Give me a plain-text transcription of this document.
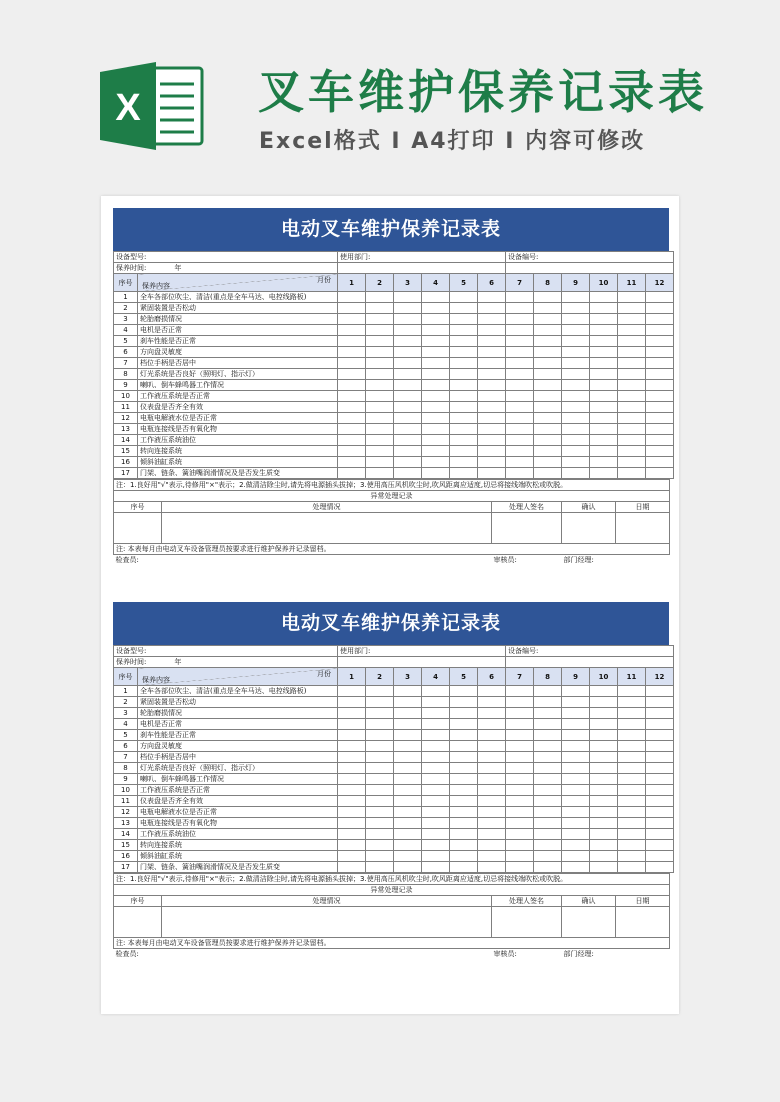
X	叉车维护保养记录表
Excel格式 I A4打印 I 内容可修改
电动叉车维护保养记录表
设备型号:		使用部门:						设备编号:					
保养时间: 年													
序号	月份
保养内容	1	2	3	4	5	6	7	8	9	10	11	12
1	全车各部位吹尘、清洁(重点是全车马达、电控线路板)												
2	紧固装置是否松动												
3	轮胎磨损情况												
4	电机是否正常												
5	刹车性能是否正常												
6	方向盘灵敏度												
7	档位手柄是否居中												
8	灯光系统是否良好（照明灯、指示灯）												
9	喇叭、倒车蜂鸣器工作情况												
10	工作液压系统是否正常												
11	仪表盘是否齐全有效												
12	电瓶电解液水位是否正常												
13	电瓶连接线是否有氧化物												
14	工作液压系统油位												
15	转向连接系统												
16	倾斜油缸系统												
17	门架、链条、簧油嘴润滑情况及是否发生质变												
注：1.良好用"√"表示,待修用"×"表示；2.做清洁除尘时,请先将电源插头拔掉；3.使用高压风机吹尘时,吹风距离应适度,切忌将接线端吹松或吹脱。				
异常处理记录				
序号	处理情况	处理人签名	确认	日期

注: 本表每月由电动叉车设备管理员按要求进行维护保养并记录留档。				
检查员:		审核员:	部门经理:	
电动叉车维护保养记录表
设备型号:		使用部门:						设备编号:					
保养时间: 年													
序号	月份
保养内容	1	2	3	4	5	6	7	8	9	10	11	12
1	全车各部位吹尘、清洁(重点是全车马达、电控线路板)												
2	紧固装置是否松动												
3	轮胎磨损情况												
4	电机是否正常												
5	刹车性能是否正常												
6	方向盘灵敏度												
7	档位手柄是否居中												
8	灯光系统是否良好（照明灯、指示灯）												
9	喇叭、倒车蜂鸣器工作情况												
10	工作液压系统是否正常												
11	仪表盘是否齐全有效												
12	电瓶电解液水位是否正常												
13	电瓶连接线是否有氧化物												
14	工作液压系统油位												
15	转向连接系统												
16	倾斜油缸系统												
17	门架、链条、簧油嘴润滑情况及是否发生质变												
注：1.良好用"√"表示,待修用"×"表示；2.做清洁除尘时,请先将电源插头拔掉；3.使用高压风机吹尘时,吹风距离应适度,切忌将接线端吹松或吹脱。				
异常处理记录				
序号	处理情况	处理人签名	确认	日期

注: 本表每月由电动叉车设备管理员按要求进行维护保养并记录留档。				
检查员:		审核员:	部门经理:	
